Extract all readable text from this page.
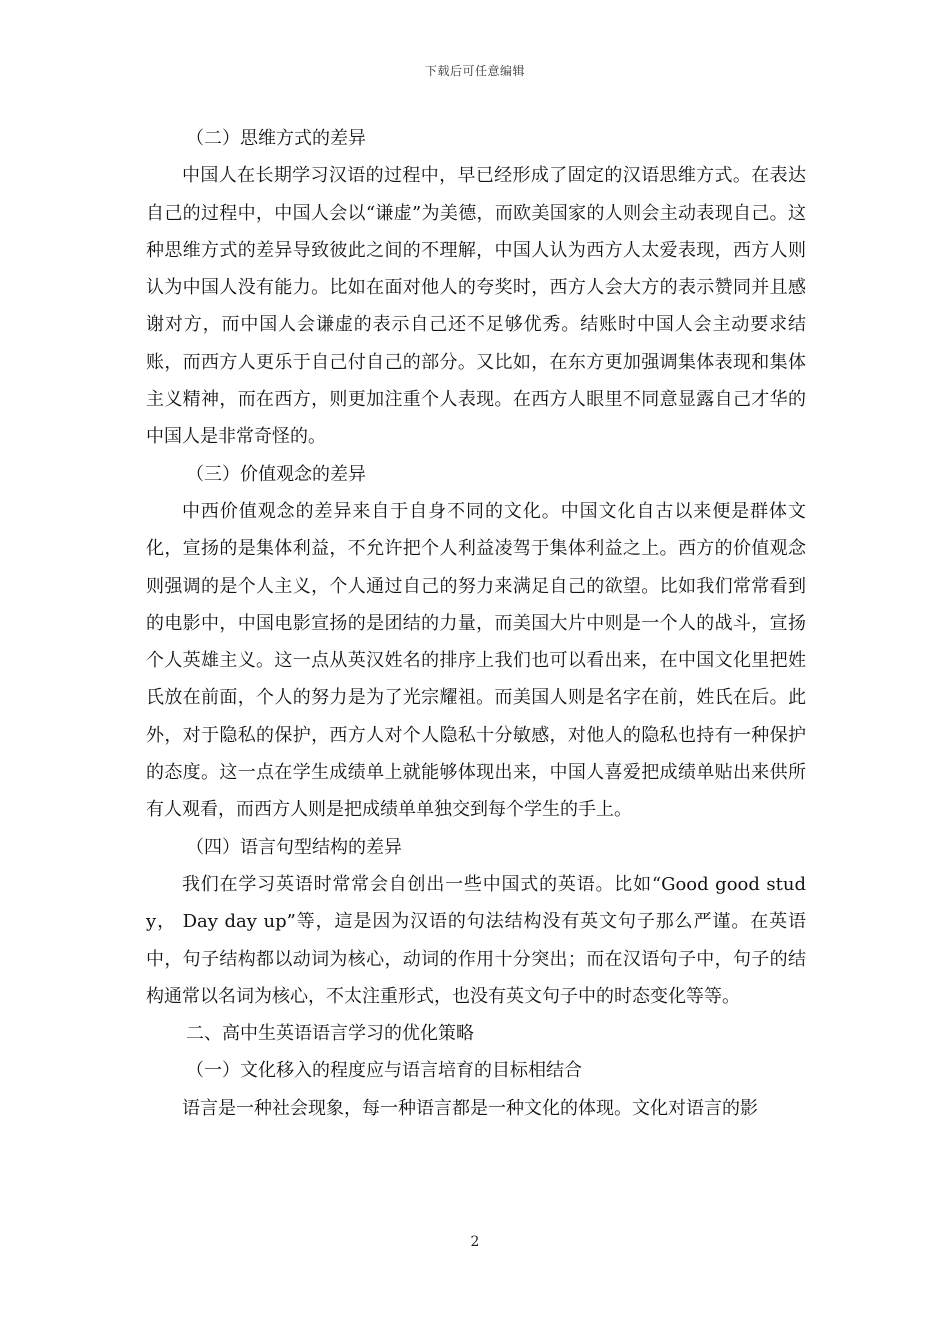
下载后可任意编辑

（二）思维方式的差异

中国人在长期学习汉语的过程中，早已经形成了固定的汉语思维方式。在表达自己的过程中，中国人会以“谦虚”为美德，而欧美国家的人则会主动表现自己。这种思维方式的差异导致彼此之间的不理解，中国人认为西方人太爱表现，西方人则认为中国人没有能力。比如在面对他人的夸奖时，西方人会大方的表示赞同并且感谢对方，而中国人会谦虚的表示自己还不足够优秀。结账时中国人会主动要求结账，而西方人更乐于自己付自己的部分。又比如，在东方更加强调集体表现和集体主义精神，而在西方，则更加注重个人表现。在西方人眼里不同意显露自己才华的中国人是非常奇怪的。

（三）价值观念的差异

中西价值观念的差异来自于自身不同的文化。中国文化自古以来便是群体文化，宣扬的是集体利益，不允许把个人利益凌驾于集体利益之上。西方的价值观念则强调的是个人主义，个人通过自己的努力来满足自己的欲望。比如我们常常看到的电影中，中国电影宣扬的是团结的力量，而美国大片中则是一个人的战斗，宣扬个人英雄主义。这一点从英汉姓名的排序上我们也可以看出来，在中国文化里把姓氏放在前面，个人的努力是为了光宗耀祖。而美国人则是名字在前，姓氏在后。此外，对于隐私的保护，西方人对个人隐私十分敏感，对他人的隐私也持有一种保护的态度。这一点在学生成绩单上就能够体现出来，中国人喜爱把成绩单贴出来供所有人观看，而西方人则是把成绩单单独交到每个学生的手上。

（四）语言句型结构的差异

我们在学习英语时常常会自创出一些中国式的英语。比如“Good good study， Day day up”等，這是因为汉语的句法结构没有英文句子那么严谨。在英语中，句子结构都以动词为核心，动词的作用十分突出；而在汉语句子中，句子的结构通常以名词为核心，不太注重形式，也没有英文句子中的时态变化等等。

二、高中生英语语言学习的优化策略

（一）文化移入的程度应与语言培育的目标相结合

语言是一种社会现象，每一种语言都是一种文化的体现。文化对语言的影

2
